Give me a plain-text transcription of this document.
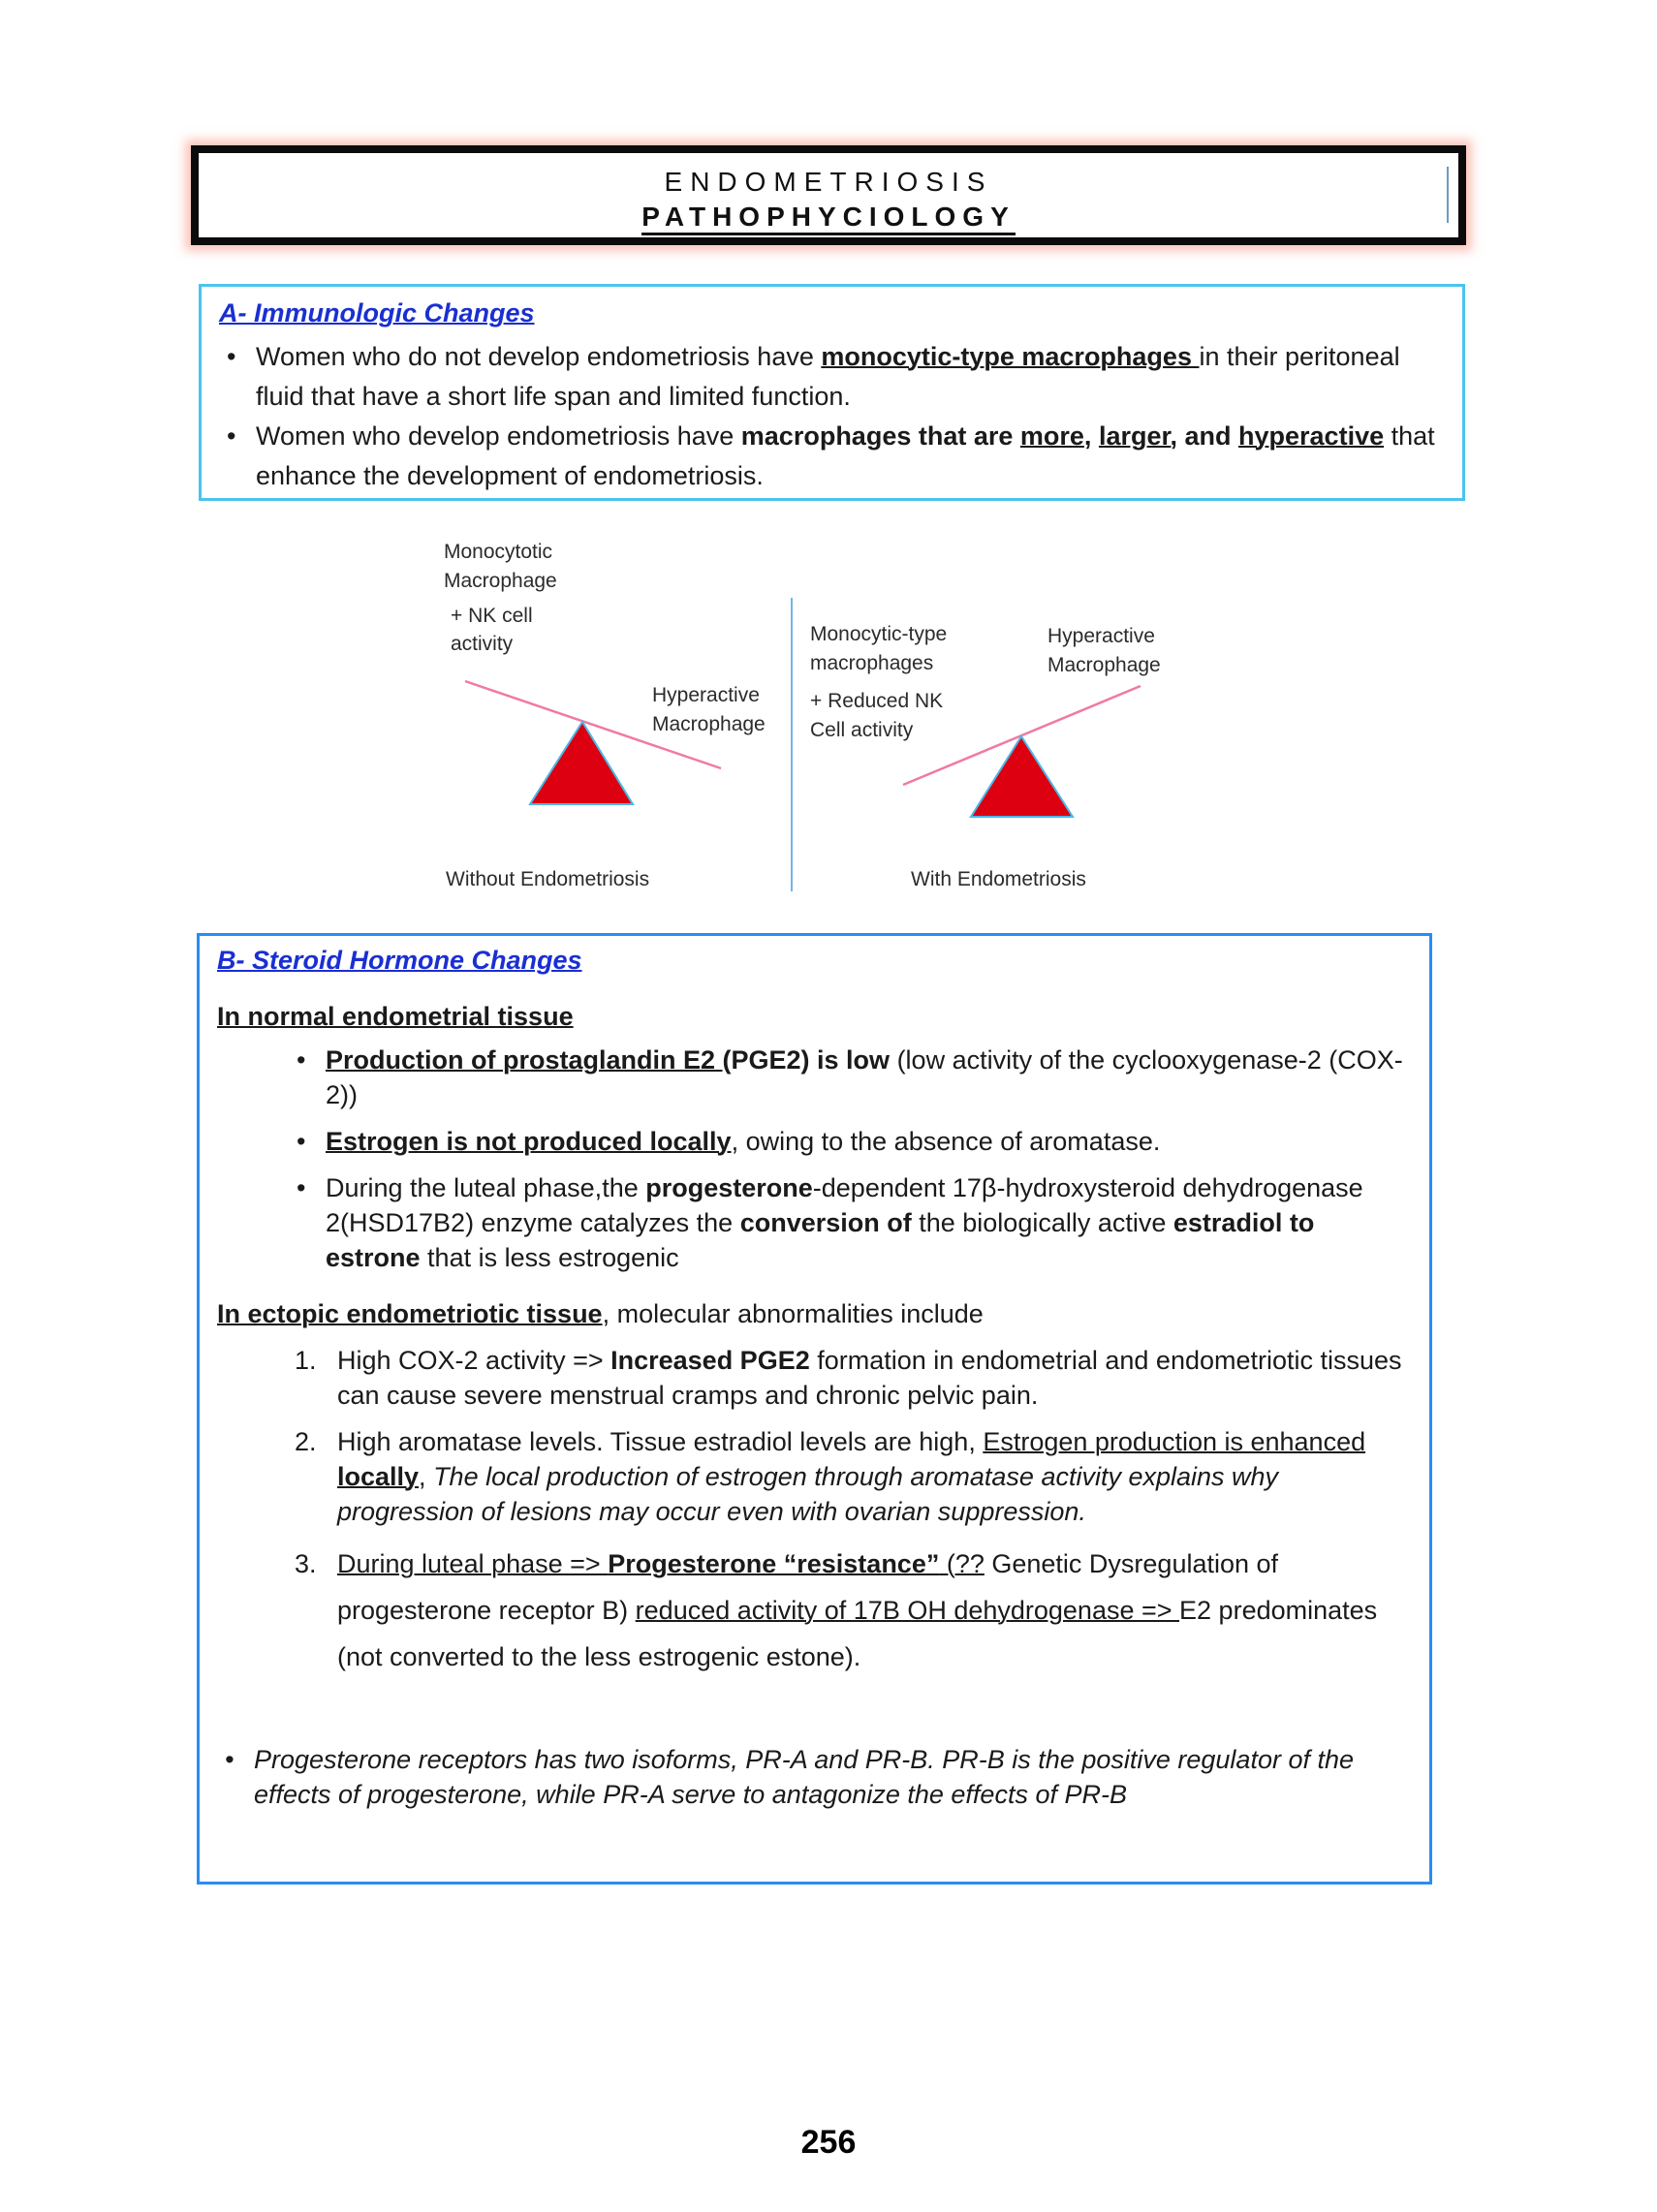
ENDOMETRIOSIS
PATHOPHYCIOLOGY
A- Immunologic Changes
• Women who do not develop endometriosis have monocytic-type macrophages in their peritoneal fluid that have a short life span and limited function.
• Women who develop endometriosis have macrophages that are more, larger, and hyperactive that enhance the development of endometriosis.
Monocytotic
Macrophage
+ NK cell
activity
Hyperactive
Macrophage
Without Endometriosis
Monocytic-type
macrophages
+ Reduced NK
Cell activity
Hyperactive
Macrophage
With Endometriosis
B- Steroid Hormone Changes
In normal endometrial tissue
• Production of prostaglandin E2 (PGE2) is low (low activity of the cyclooxygenase-2 (COX-2))
• Estrogen is not produced locally, owing to the absence of aromatase.
• During the luteal phase,the progesterone-dependent 17β-hydroxysteroid dehydrogenase 2(HSD17B2) enzyme catalyzes the conversion of the biologically active estradiol to estrone that is less estrogenic
In ectopic endometriotic tissue, molecular abnormalities include
1. High COX-2 activity => Increased PGE2 formation in endometrial and endometriotic tissues can cause severe menstrual cramps and chronic pelvic pain.
2. High aromatase levels. Tissue estradiol levels are high, Estrogen production is enhanced locally, The local production of estrogen through aromatase activity explains why progression of lesions may occur even with ovarian suppression.
3. During luteal phase => Progesterone “resistance” (?? Genetic Dysregulation of progesterone receptor B) reduced activity of 17B OH dehydrogenase => E2 predominates (not converted to the less estrogenic estone).
• Progesterone receptors has two isoforms, PR-A and PR-B. PR-B is the positive regulator of the effects of progesterone, while PR-A serve to antagonize the effects of PR-B
256
